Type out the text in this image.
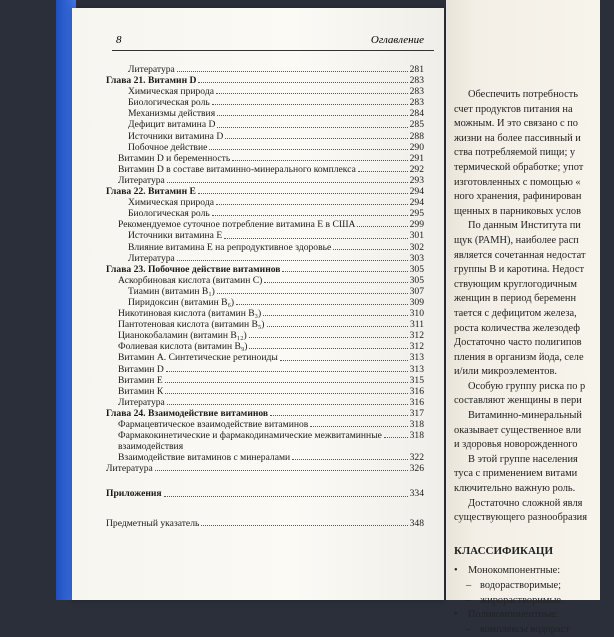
8	Оглавление
Литература	281
Глава 21. Витамин D	283
Химическая природа	283
Биологическая роль	283
Механизмы действия	284
Дефицит витамина D	285
Источники витамина D	288
Побочное действие	290
Витамин D и беременность	291
Витамин D в составе витаминно-минерального комплекса	292
Литература	293
Глава 22. Витамин Е	294
Химическая природа	294
Биологическая роль	295
Рекомендуемое суточное потребление витамина Е в США	299
Источники витамина Е	301
Влияние витамина Е на репродуктивное здоровье	302
Литература	303
Глава 23. Побочное действие витаминов	305
Аскорбиновая кислота (витамин С)	305
Тиамин (витамин В₁)	307
Пиридоксин (витамин В₆)	309
Никотиновая кислота (витамин В₃)	310
Пантотеновая кислота (витамин В₅)	311
Цианокобаламин (витамин В₁₂)	312
Фолиевая кислота (витамин В₉)	312
Витамин А. Синтетические ретиноиды	313
Витамин D	313
Витамин Е	315
Витамин К	316
Литература	316
Глава 24. Взаимодействие витаминов	317
Фармацевтическое взаимодействие витаминов	318
Фармакокинетические и фармакодинамические межвитаминные	318
взаимодействия
Взаимодействие витаминов с минералами	322
Литература	326
Приложения	334
Предметный указатель	348
Обеспечить потребность
счет продуктов питания на
можным. И это связано с по
жизни на более пассивный и
ства потребляемой пищи; у
термической обработке; упот
изготовленных с помощью «
ного хранения, рафинирован
щенных в парниковых услов
По данным Института пи
щук (РАМН), наиболее расп
является сочетанная недостат
группы В и каротина. Недост
ствующим круглогодичным
женщин в период беременн
тается с дефицитом железа,
роста количества железодеф
Достаточно часто полигипов
пления в организм йода, селе
и/или микроэлементов.
Особую группу риска по р
составляют женщины в пери
Витаминно-минеральный
оказывает существенное вли
и здоровья новорожденного
В этой группе населения
туса с применением витами
ключительно важную роль.
Достаточно сложной явля
существующего разнообразия
КЛАССИФИКАЦИ
• Монокомпонентные:
– водорастворимые;
– жирорастворимые.
• Поликомпонентные:
– комплексы водораст
